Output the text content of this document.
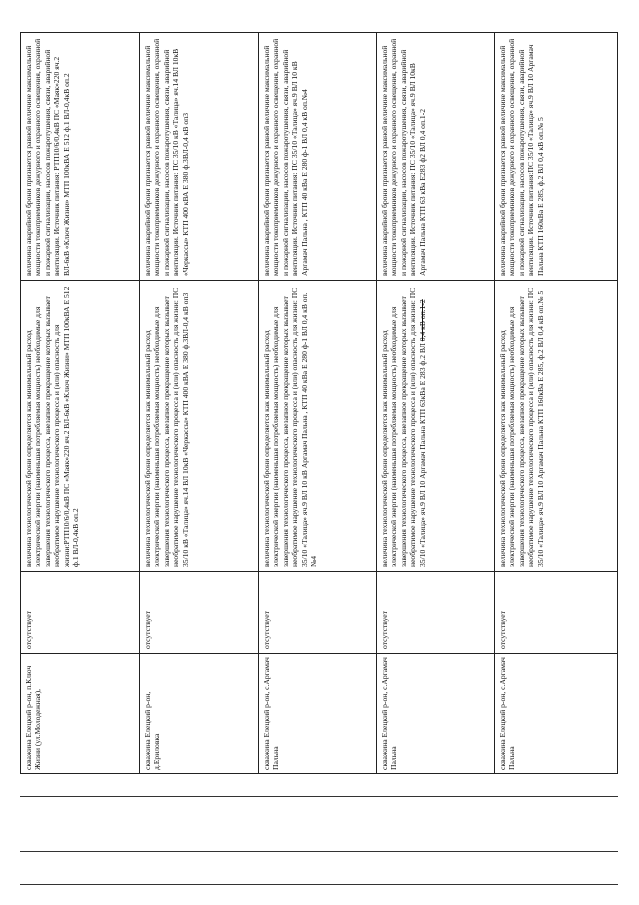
величина аварийной брони признается равной величине максимальной мощности токоприемников дежурного и охранного освещения, охранной и пожарной сигнализации, насосов пожаротушения, связи, аварийной вентиляции. Источник питания: РТП10/6/0,4кВ ПС «Маяк»220 яч.2 ВЛ-6кВ «Ключ Жизни» МТП 100кВА Е 512 ф.1 ВЛ-0,4кВ оп.2
величина технологической брони определяется как минимальный расход электрической энергии (наименьшая потребляемая мощность) необходимые для завершения технологического процесса, внезапное прекращение которых вызывает необратимое нарушение технологического процесса и (или) опасность для жизни:РТП10/6/0,4кВ ПС «Маяк»220 яч.2 ВЛ-6кВ «Ключ Жизни» МТП 100кВА Е 512 ф.1 ВЛ-0,4кВ оп.2
отсутствует
скважина Елецкий р-он, п.Ключ Жизни (ул.Молодежная),
величина аварийной брони признается равной величине максимальной мощности токоприемников дежурного и охранного освещения, охранной и пожарной сигнализации, насосов пожаротушения, связи, аварийной вентиляции. Источник питания: ПС 35/10 кВ «Талица» яч.14 ВЛ 10кВ «Черкассы» КТП 400 кВА Е 380 ф.3ВЛ-0,4 кВ оп3
величина технологической брони определяется как минимальный расход электрической энергии (наименьшая потребляемая мощность) необходимые для завершения технологического процесса, внезапное прекращение которых вызывает необратимое нарушение технологического процесса и (или) опасность для жизни: ПС 35/10 кВ «Талица» яч.14 ВЛ 10кВ «Черкассы» КТП 400 кВА Е 380 ф.3ВЛ-0,4 кВ оп3
отсутствует
скважина Елецкий р-он, д.Ериловка
величина аварийной брони признается равной величине максимальной мощности токоприемников дежурного и охранного освещения, охранной и пожарной сигнализации, насосов пожаротушения, связи, аварийной вентиляции. Источник питания: ПС 35/10 «Талица» яч.9 ВЛ 10 кВ Аргамач Пальна , КТП 40 кВа Е 280 ф-1 ВЛ 0,4 кВ оп.№4
величина технологической брони определяется как минимальный расход электрической энергии (наименьшая потребляемая мощность) необходимые для завершения технологического процесса, внезапное прекращение которых вызывает необратимое нарушение технологического процесса и (или) опасность для жизни: ПС 35/10 «Талица» яч.9 ВЛ 10 кВ Аргамач Пальна , КТП 40 кВа Е 280 ф-1 ВЛ 0,4 кВ оп.№4
отсутствует
скважина Елецкий р-он, с.Аргамач Пальна
величина аварийной брони признается равной величине максимальной мощности токоприемников дежурного и охранного освещения, охранной и пожарной сигнализации, насосов пожаротушения, связи, аварийной вентиляции. Источник питания: ПС 35/10 «Талица» яч.9 ВЛ 10кВ Аргамач Пальна КТП 63 кВа Е283 ф2 ВЛ 0,4 оп.1-2
величина технологической брони определяется как минимальный расход электрической энергии (наименьшая потребляемая мощность) необходимые для завершения технологического процесса, внезапное прекращение которых вызывает необратимое нарушение технологического процесса и (или) опасность для жизни: ПС 35/10 «Талица» яч.9 ВЛ 10 Аргамач Пальна КТП 63кВа Е 283 ф.2 ВЛ 0,4 кВ оп.1-2
отсутствует
скважина Елецкий р-он, с.Аргамач Пальна
величина аварийной брони признается равной величине максимальной мощности токоприемников дежурного и охранного освещения, охранной и пожарной сигнализации, насосов пожаротушения, связи, аварийной вентиляции. Источник питания:ПС 35/10 «Талица» яч.9 ВЛ 10 Аргамач Пальна КТП 160кВа Е 285, ф.2 ВЛ 0,4 кВ оп.№ 5
величина технологической брони определяется как минимальный расход электрической энергии (наименьшая потребляемая мощность) необходимые для завершения технологического процесса, внезапное прекращение которых вызывает необратимое нарушение технологического процесса и (или) опасность для жизни: ПС 35/10 «Талица» яч.9 ВЛ 10 Аргамач Пальна КТП 160кВа Е 285, ф.2 ВЛ 0,4 кВ оп.№ 5
отсутствует
скважина Елецкий р-он, с.Аргамач Пальна
